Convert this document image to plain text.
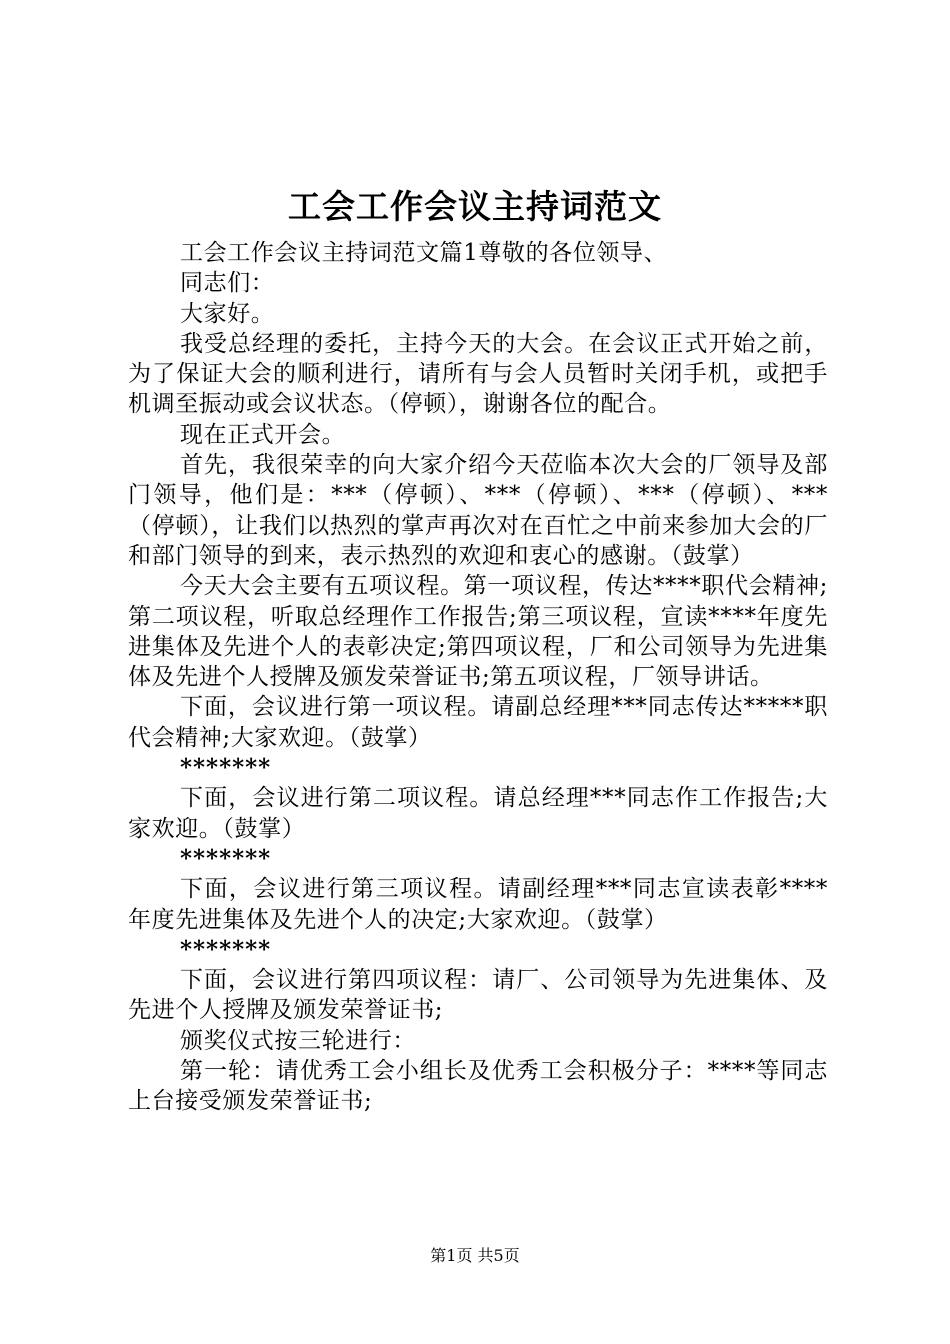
工会工作会议主持词范文

工会工作会议主持词范文篇1尊敬的各位领导、

同志们：

大家好。

我受总经理的委托，主持今天的大会。在会议正式开始之前，为了保证大会的顺利进行，请所有与会人员暂时关闭手机，或把手机调至振动或会议状态。（停顿），谢谢各位的配合。

现在正式开会。

首先，我很荣幸的向大家介绍今天莅临本次大会的厂领导及部门领导，他们是：***（停顿）、***（停顿）、***（停顿）、***（停顿），让我们以热烈的掌声再次对在百忙之中前来参加大会的厂和部门领导的到来，表示热烈的欢迎和衷心的感谢。（鼓掌）

今天大会主要有五项议程。第一项议程，传达****职代会精神;第二项议程，听取总经理作工作报告;第三项议程，宣读****年度先进集体及先进个人的表彰决定;第四项议程，厂和公司领导为先进集体及先进个人授牌及颁发荣誉证书;第五项议程，厂领导讲话。

下面，会议进行第一项议程。请副总经理***同志传达*****职代会精神;大家欢迎。（鼓掌）

*******

下面，会议进行第二项议程。请总经理***同志作工作报告;大家欢迎。（鼓掌）

*******

下面，会议进行第三项议程。请副经理***同志宣读表彰****年度先进集体及先进个人的决定;大家欢迎。（鼓掌）

*******

下面，会议进行第四项议程：请厂、公司领导为先进集体、及先进个人授牌及颁发荣誉证书;

颁奖仪式按三轮进行：

第一轮：请优秀工会小组长及优秀工会积极分子：****等同志上台接受颁发荣誉证书;

第1页 共5页
